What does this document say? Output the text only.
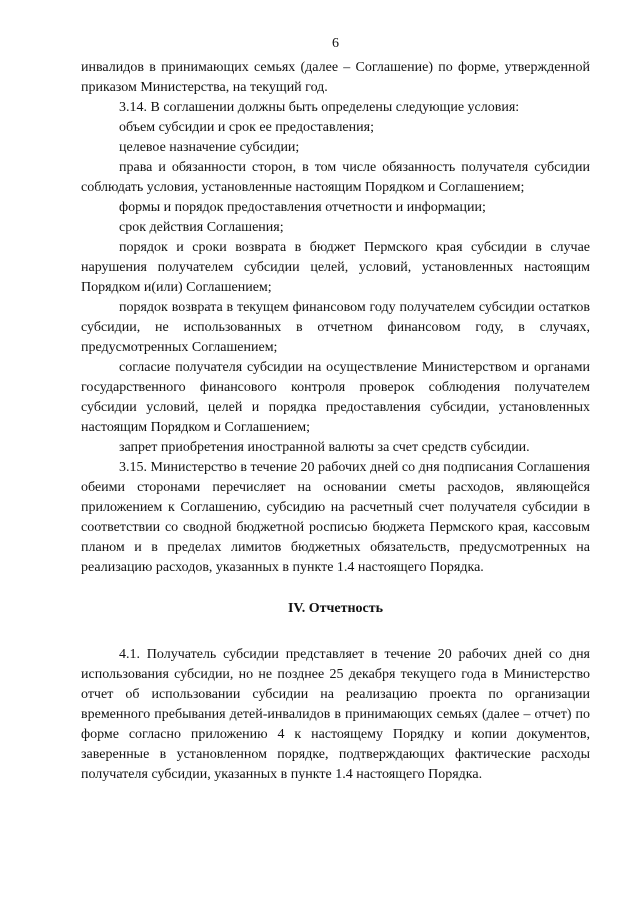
6

инвалидов в принимающих семьях (далее – Соглашение) по форме, утвержденной приказом Министерства, на текущий год.

3.14. В соглашении должны быть определены следующие условия:

объем субсидии и срок ее предоставления;

целевое назначение субсидии;

права и обязанности сторон, в том числе обязанность получателя субсидии соблюдать условия, установленные настоящим Порядком и Соглашением;

формы и порядок предоставления отчетности и информации;

срок действия Соглашения;

порядок и сроки возврата в бюджет Пермского края субсидии в случае нарушения получателем субсидии целей, условий, установленных настоящим Порядком и(или) Соглашением;

порядок возврата в текущем финансовом году получателем субсидии остатков субсидии, не использованных в отчетном финансовом году, в случаях, предусмотренных Соглашением;

согласие получателя субсидии на осуществление Министерством и органами государственного финансового контроля проверок соблюдения получателем субсидии условий, целей и порядка предоставления субсидии, установленных настоящим Порядком и Соглашением;

запрет приобретения иностранной валюты за счет средств субсидии.

3.15. Министерство в течение 20 рабочих дней со дня подписания Соглашения обеими сторонами перечисляет на основании сметы расходов, являющейся приложением к Соглашению, субсидию на расчетный счет получателя субсидии в соответствии со сводной бюджетной росписью бюджета Пермского края, кассовым планом и в пределах лимитов бюджетных обязательств, предусмотренных на реализацию расходов, указанных в пункте 1.4 настоящего Порядка.

IV. Отчетность

4.1. Получатель субсидии представляет в течение 20 рабочих дней со дня использования субсидии, но не позднее 25 декабря текущего года в Министерство отчет об использовании субсидии на реализацию проекта по организации временного пребывания детей-инвалидов в принимающих семьях (далее – отчет) по форме согласно приложению 4 к настоящему Порядку и копии документов, заверенные в установленном порядке, подтверждающих фактические расходы получателя субсидии, указанных в пункте 1.4 настоящего Порядка.
